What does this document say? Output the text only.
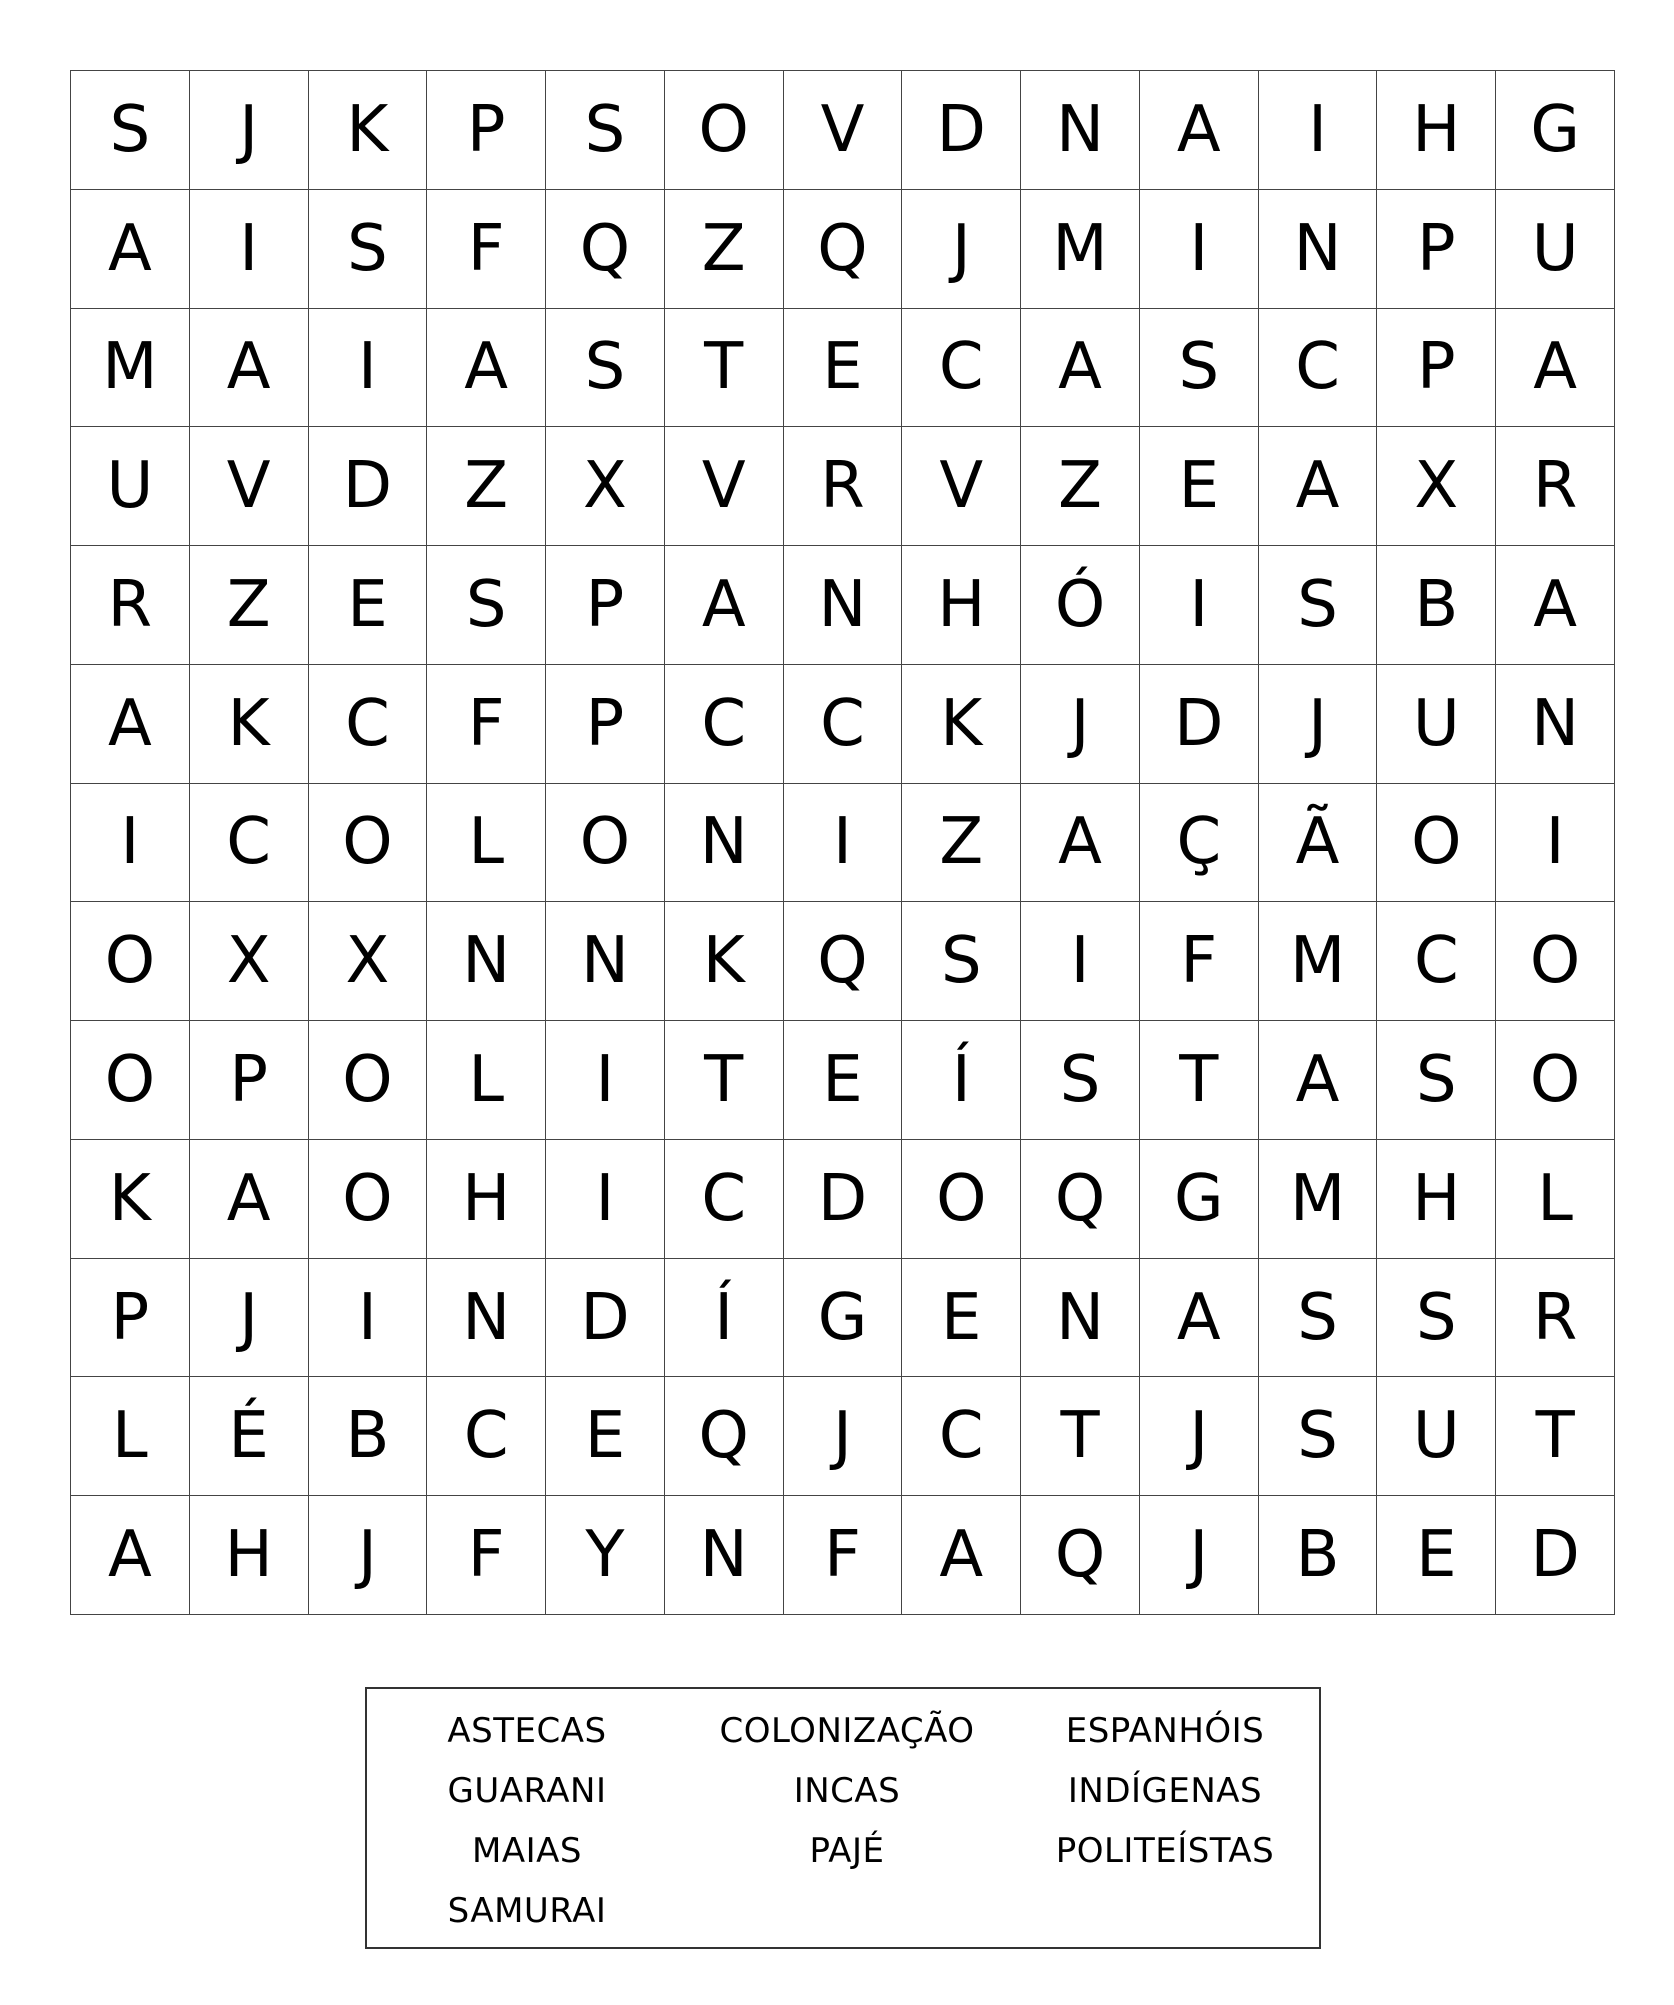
S	J	K	P	S	O	V	D	N	A	I	H	G
A	I	S	F	Q	Z	Q	J	M	I	N	P	U
M	A	I	A	S	T	E	C	A	S	C	P	A
U	V	D	Z	X	V	R	V	Z	E	A	X	R
R	Z	E	S	P	A	N	H	Ó	I	S	B	A
A	K	C	F	P	C	C	K	J	D	J	U	N
I	C	O	L	O	N	I	Z	A	Ç	Ã	O	I
O	X	X	N	N	K	Q	S	I	F	M	C	O
O	P	O	L	I	T	E	Í	S	T	A	S	O
K	A	O	H	I	C	D	O	Q	G	M	H	L
P	J	I	N	D	Í	G	E	N	A	S	S	R
L	É	B	C	E	Q	J	C	T	J	S	U	T
A	H	J	F	Y	N	F	A	Q	J	B	E	D
ASTECAS	COLONIZAÇÃO	ESPANHÓIS
GUARANI	INCAS	INDÍGENAS
MAIAS	PAJÉ	POLITEÍSTAS
SAMURAI
